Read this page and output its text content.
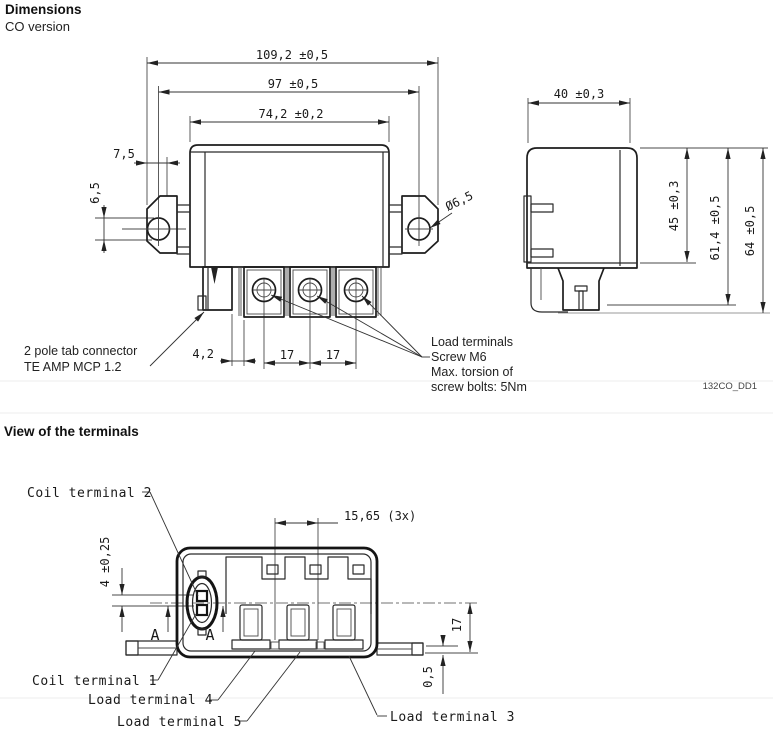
Dimensions
CO version
109,2 ±0,5
97 ±0,5
74,2 ±0,2
7,5
6,5	Ø6,5
4,2	17	17
2 pole tab connector
TE AMP MCP 1.2
Load terminals
Screw M6
Max. torsion of
screw bolts: 5Nm
40 ±0,3
45 ±0,3 61,4 ±0,5 64 ±0,5
132CO_DD1
View of the terminals
A	A
4 ±0,25
15,65 (3x)
17
0,5
Coil terminal 2
Coil terminal 1
Load terminal 4
Load terminal 5	Load terminal 3
